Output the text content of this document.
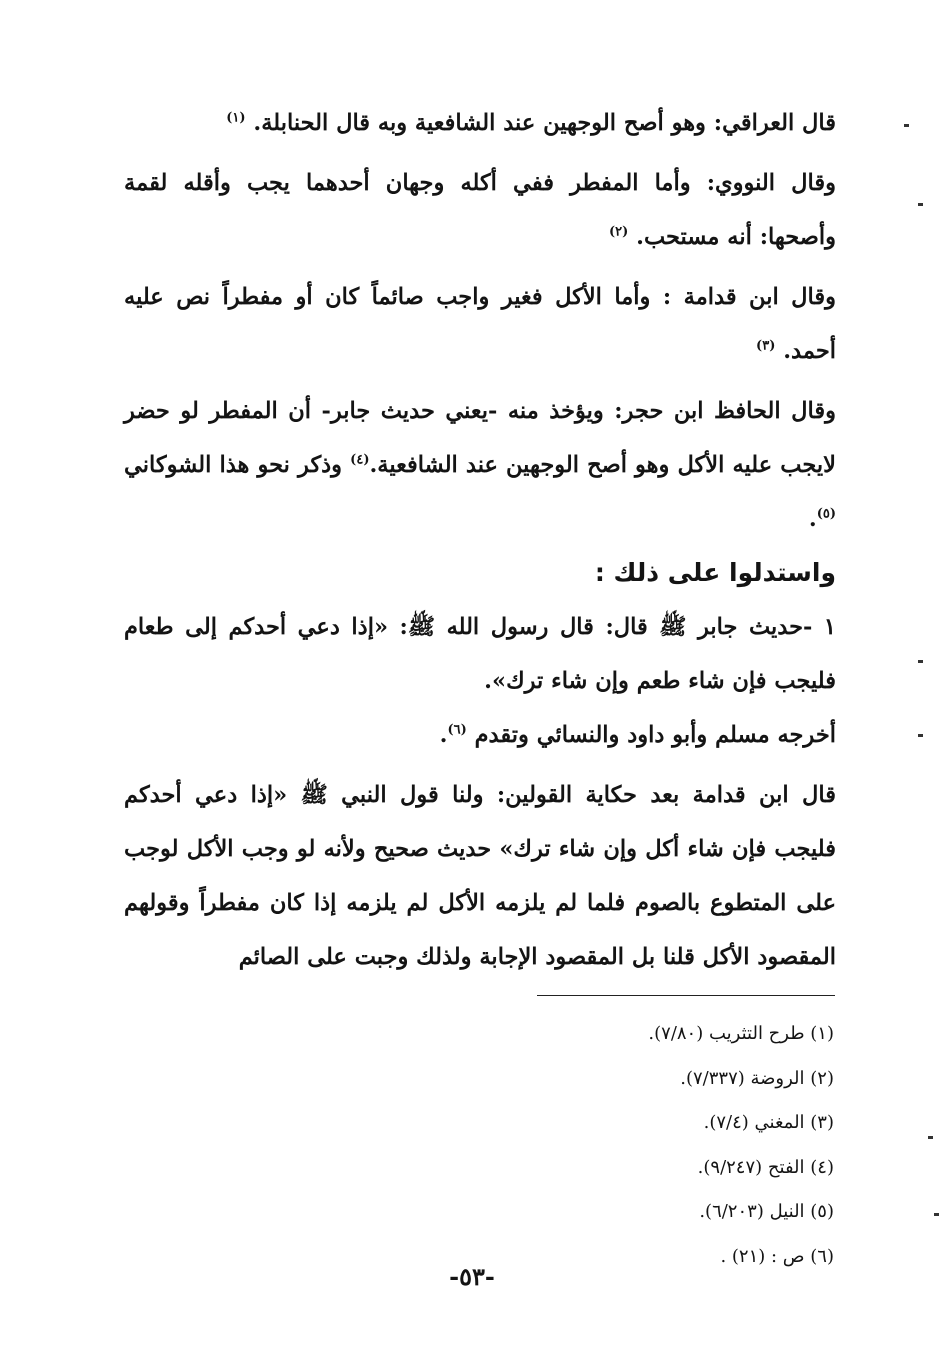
قال العراقي: وهو أصح الوجهين عند الشافعية وبه قال الحنابلة. $^{(١)}$

وقال النووي: وأما المفطر ففي أكله وجهان أحدهما يجب وأقله لقمة وأصحها: أنه مستحب. $^{(٢)}$

وقال ابن قدامة : وأما الأكل فغير واجب صائماً كان أو مفطراً نص عليه أحمد. $^{(٣)}$

وقال الحافظ ابن حجر: ويؤخذ منه -يعني حديث جابر- أن المفطر لو حضر لايجب عليه الأكل وهو أصح الوجهين عند الشافعية.$^{(٤)}$ وذكر نحو هذا الشوكاني $^{(٥)}$.

واستدلوا على ذلك :

١ -حديث جابر ﷺ قال: قال رسول الله ﷺ: «إذا دعي أحدكم إلى طعام فليجب فإن شاء طعم وإن شاء ترك».

أخرجه مسلم وأبو داود والنسائي وتقدم $^{(٦)}$.

قال ابن قدامة بعد حكاية القولين: ولنا قول النبي ﷺ «إذا دعي أحدكم فليجب فإن شاء أكل وإن شاء ترك» حديث صحيح ولأنه لو وجب الأكل لوجب على المتطوع بالصوم فلما لم يلزمه الأكل لم يلزمه إذا كان مفطراً وقولهم المقصود الأكل قلنا بل المقصود الإجابة ولذلك وجبت على الصائم

(١) طرح التثريب (٧/٨٠).
(٢) الروضة (٧/٣٣٧).
(٣) المغني (٧/٤).
(٤) الفتح (٩/٢٤٧).
(٥) النيل (٦/٢٠٣).
(٦) ص : (٢١) .
-٥٣-
